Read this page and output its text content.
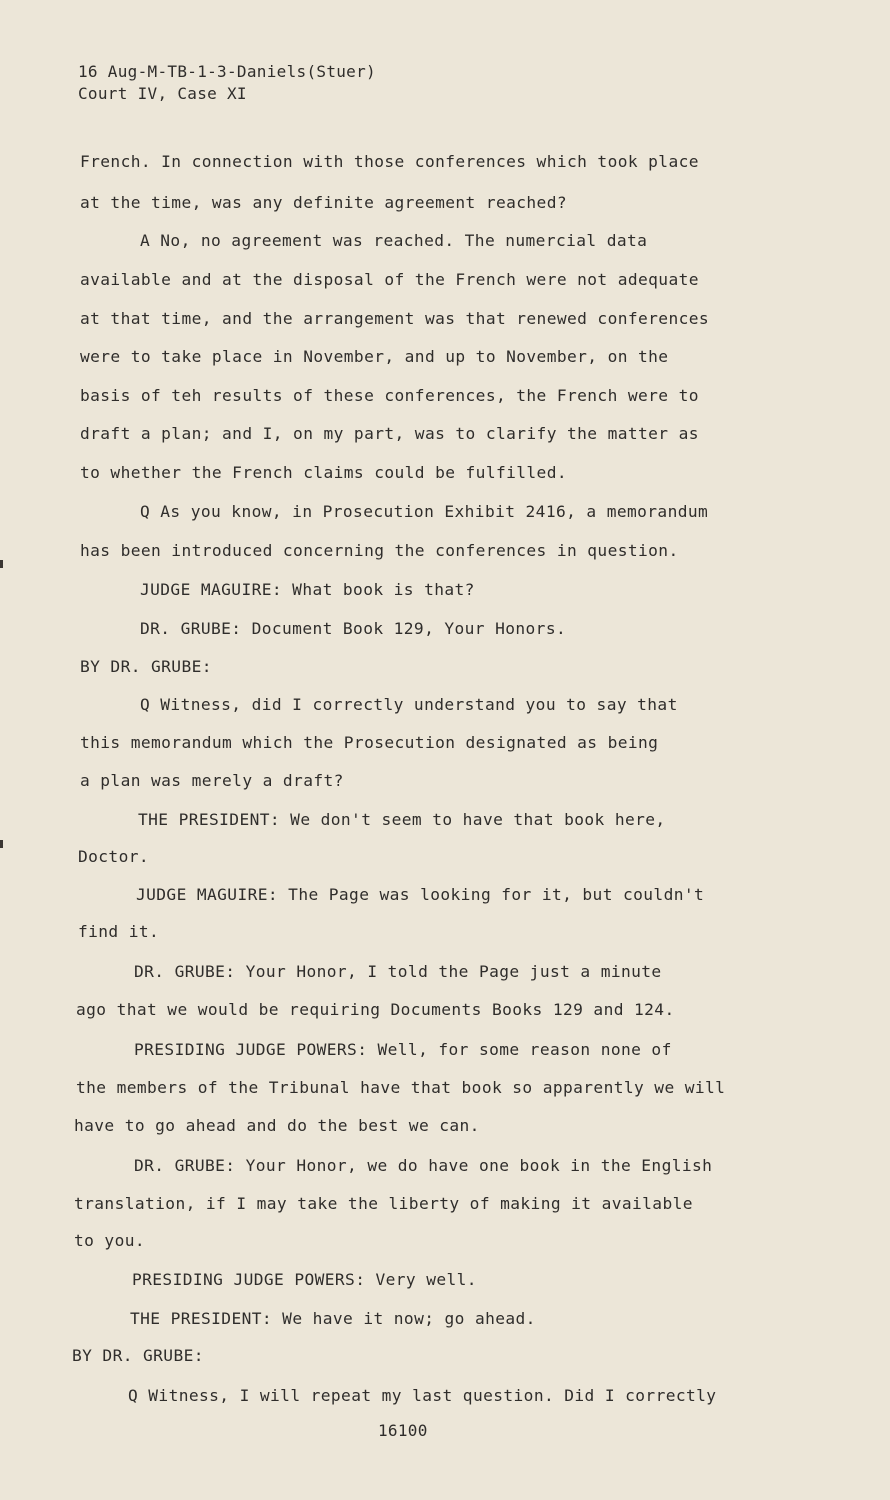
16 Aug-M-TB-1-3-Daniels(Stuer)
Court IV, Case XI
French. In connection with those conferences which took place
at the time, was any definite agreement reached?
A No, no agreement was reached. The numercial data
available and at the disposal of the French were not adequate
at that time, and the arrangement was that renewed conferences
were to take place in November, and up to November, on the
basis of teh results of these conferences, the French were to
draft a plan; and I, on my part, was to clarify the matter as
to whether the French claims could be fulfilled.
Q As you know, in Prosecution Exhibit 2416, a memorandum
has been introduced concerning the conferences in question.
JUDGE MAGUIRE: What book is that?
DR. GRUBE: Document Book 129, Your Honors.
BY DR. GRUBE:
Q Witness, did I correctly understand you to say that
this memorandum which the Prosecution designated as being
a plan was merely a draft?
THE PRESIDENT: We don't seem to have that book here,
Doctor.
JUDGE MAGUIRE: The Page was looking for it, but couldn't
find it.
DR. GRUBE: Your Honor, I told the Page just a minute
ago that we would be requiring Documents Books 129 and 124.
PRESIDING JUDGE POWERS: Well, for some reason none of
the members of the Tribunal have that book so apparently we will
have to go ahead and do the best we can.
DR. GRUBE: Your Honor, we do have one book in the English
translation, if I may take the liberty of making it available
to you.
PRESIDING JUDGE POWERS: Very well.
THE PRESIDENT: We have it now; go ahead.
BY DR. GRUBE:
Q Witness, I will repeat my last question. Did I correctly
16100
